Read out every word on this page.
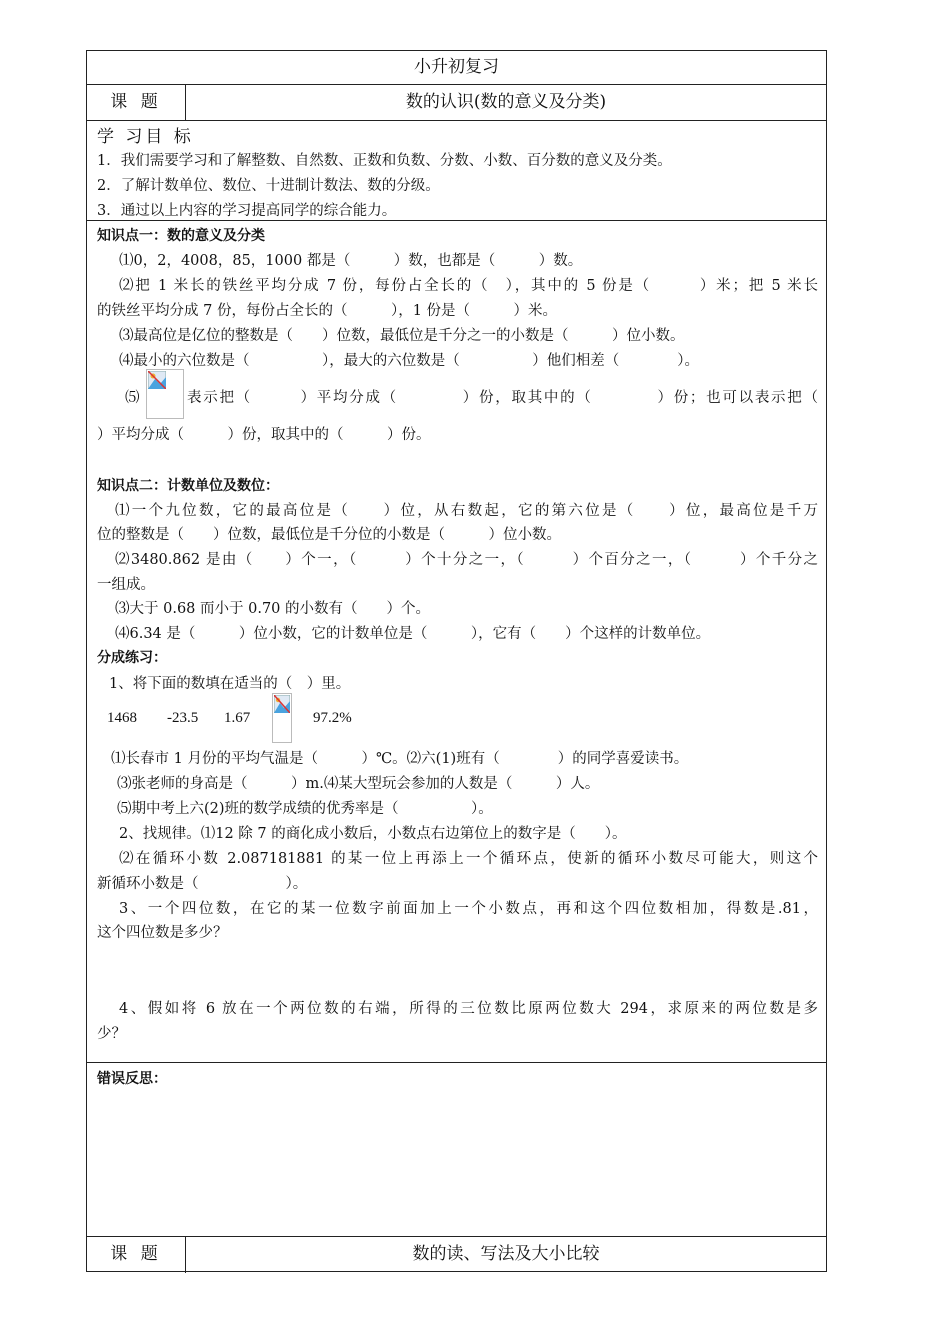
小升初复习
课 题	数的认识(数的意义及分类)
学 习目 标
1．我们需要学习和了解整数、自然数、正数和负数、分数、小数、百分数的意义及分类。
2．了解计数单位、数位、十进制计数法、数的分级。
3．通过以上内容的学习提高同学的综合能力。
知识点一：数的意义及分类
⑴0，2，4008，85，1000 都是（　　　）数，也都是（　　　）数。
⑵把 1 米长的铁丝平均分成 7 份，每份占全长的（　），其中的 5 份是（　　　）米；把 5 米长
的铁丝平均分成 7 份，每份占全长的（　　　），1 份是（　　　）米。
⑶最高位是亿位的整数是（　　）位数，最低位是千分之一的小数是（　　　）位小数。
⑷最小的六位数是（　　　　　），最大的六位数是（　　　　　）他们相差（　　　　）。
⑸	表示把（　　　）平均分成（　　　　）份，取其中的（　　　　）份；也可以表示把（
）平均分成（　　　）份，取其中的（　　　）份。
知识点二：计数单位及数位：
⑴一个九位数，它的最高位是（　　）位，从右数起，它的第六位是（　　）位，最高位是千万
位的整数是（　　）位数，最低位是千分位的小数是（　　　）位小数。
⑵3480.862 是由（　　）个一，（　　　）个十分之一，（　　　）个百分之一，（　　　）个千分之
一组成。
⑶大于 0.68 而小于 0.70 的小数有（　　）个。
⑷6.34 是（　　　）位小数，它的计数单位是（　　　），它有（　　）个这样的计数单位。
分成练习：
1、将下面的数填在适当的（　）里。
1468 -23.5 1.67	97.2%
⑴长春市 1 月份的平均气温是（　　　）℃。⑵六(1)班有（　　　　）的同学喜爱读书。
⑶张老师的身高是（　　　）m.⑷某大型玩会参加的人数是（　　　）人。
⑸期中考上六(2)班的数学成绩的优秀率是（　　　　　）。
2、找规律。⑴12 除 7 的商化成小数后，小数点右边第位上的数字是（　　）。
⑵在循环小数 2.087181881 的某一位上再添上一个循环点，使新的循环小数尽可能大，则这个
新循环小数是（　　　　　　）。
3、一个四位数，在它的某一位数字前面加上一个小数点，再和这个四位数相加，得数是.81，
这个四位数是多少？
4、假如将 6 放在一个两位数的右端，所得的三位数比原两位数大 294，求原来的两位数是多
少？
错误反思：
课 题	数的读、写法及大小比较
